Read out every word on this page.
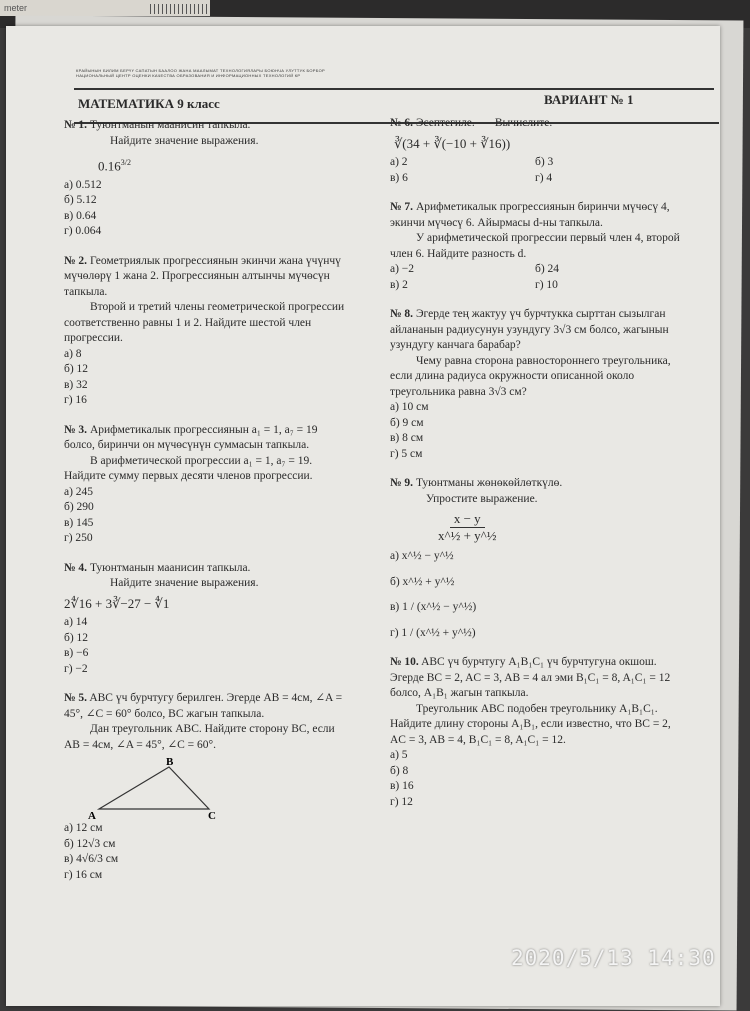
meter
КРАЙЫНЫН БИЛИМ БЕРҮҮ САПАТЫН БААЛОО ЖАНА МААЛЫМАТ ТЕХНОЛОГИЯЛАРЫ БОЮНЧА УЛУТТУК БОРБОР
НАЦИОНАЛЬНЫЙ ЦЕНТР ОЦЕНКИ КАЧЕСТВА ОБРАЗОВАНИЯ И ИНФОРМАЦИОННЫХ ТЕХНОЛОГИЙ КР
МАТЕМАТИКА 9 класс	ВАРИАНТ № 1
№ 1. Туюнтманын маанисин тапкыла.
Найдите значение выражения.
$0.16^{3/2}$
а) 0.512
б) 5.12
в) 0.64
г) 0.064
№ 2. Геометриялык прогрессиянын экинчи жана үчүнчү мүчөлөрү 1 жана 2. Прогрессиянын алтынчы мүчөсүн тапкыла.
Второй и третий члены геометрической прогрессии соответственно равны 1 и 2. Найдите шестой член прогрессии.
а) 8
б) 12
в) 32
г) 16
№ 3. Арифметикалык прогрессиянын a₁ = 1, a₇ = 19 болсо, биринчи он мүчөсүнүн суммасын тапкыла.
В арифметической прогрессии a₁ = 1, a₇ = 19. Найдите сумму первых десяти членов прогрессии.
а) 245
б) 290
в) 145
г) 250
№ 4. Туюнтманын маанисин тапкыла.
Найдите значение выражения.
2∜16 + 3∛−27 − ∜1
а) 14
б) 12
в) −6
г) −2
№ 5. ABC үч бурчтугу берилген. Эгерде AB = 4см, ∠A = 45°, ∠C = 60° болсо, BC жагын тапкыла.
Дан треугольник ABC. Найдите сторону BC, если AB = 4см, ∠A = 45°, ∠C = 60°.
A
B
C
а) 12 см
б) 12√3 см
в) 4√6/3 см
г) 16 см
№ 6. Эсептегиле. Вычислите.
∛(34 + ∛(−10 + ∛16))
а) 2	б) 3
в) 6	г) 4
№ 7. Арифметикалык прогрессиянын биринчи мүчөсү 4, экинчи мүчөсү 6. Айырмасы d-ны тапкыла.
У арифметической прогрессии первый член 4, второй член 6. Найдите разность d.
а) −2	б) 24
в) 2	г) 10
№ 8. Эгерде тең жактуу үч бурчтукка сырттан сызылган айлананын радиусунун узундугу 3√3 см болсо, жагынын узундугу канчага барабар?
Чему равна сторона равностороннего треугольника, если длина радиуса окружности описанной около треугольника равна 3√3 см?
а) 10 см
б) 9 см
в) 8 см
г) 5 см
№ 9. Туюнтманы жөнөкөйлөткүлө.
Упростите выражение.
$\frac{x - y}{\text{x\textasciicircum{}½ + y\textasciicircum{}½}}$
а) x^½ − y^½
б) x^½ + y^½
в) 1 / (x^½ − y^½)
г) 1 / (x^½ + y^½)
№ 10. ABC үч бурчтугу A₁B₁C₁ үч бурчтугуна окшош. Эгерде BC = 2, AC = 3, AB = 4 ал эми B₁C₁ = 8, A₁C₁ = 12 болсо, A₁B₁ жагын тапкыла.
Треугольник ABC подобен треугольнику A₁B₁C₁. Найдите длину стороны A₁B₁, если известно, что BC = 2, AC = 3, AB = 4, B₁C₁ = 8, A₁C₁ = 12.
а) 5
б) 8
в) 16
г) 12
2020/5/13 14:30
